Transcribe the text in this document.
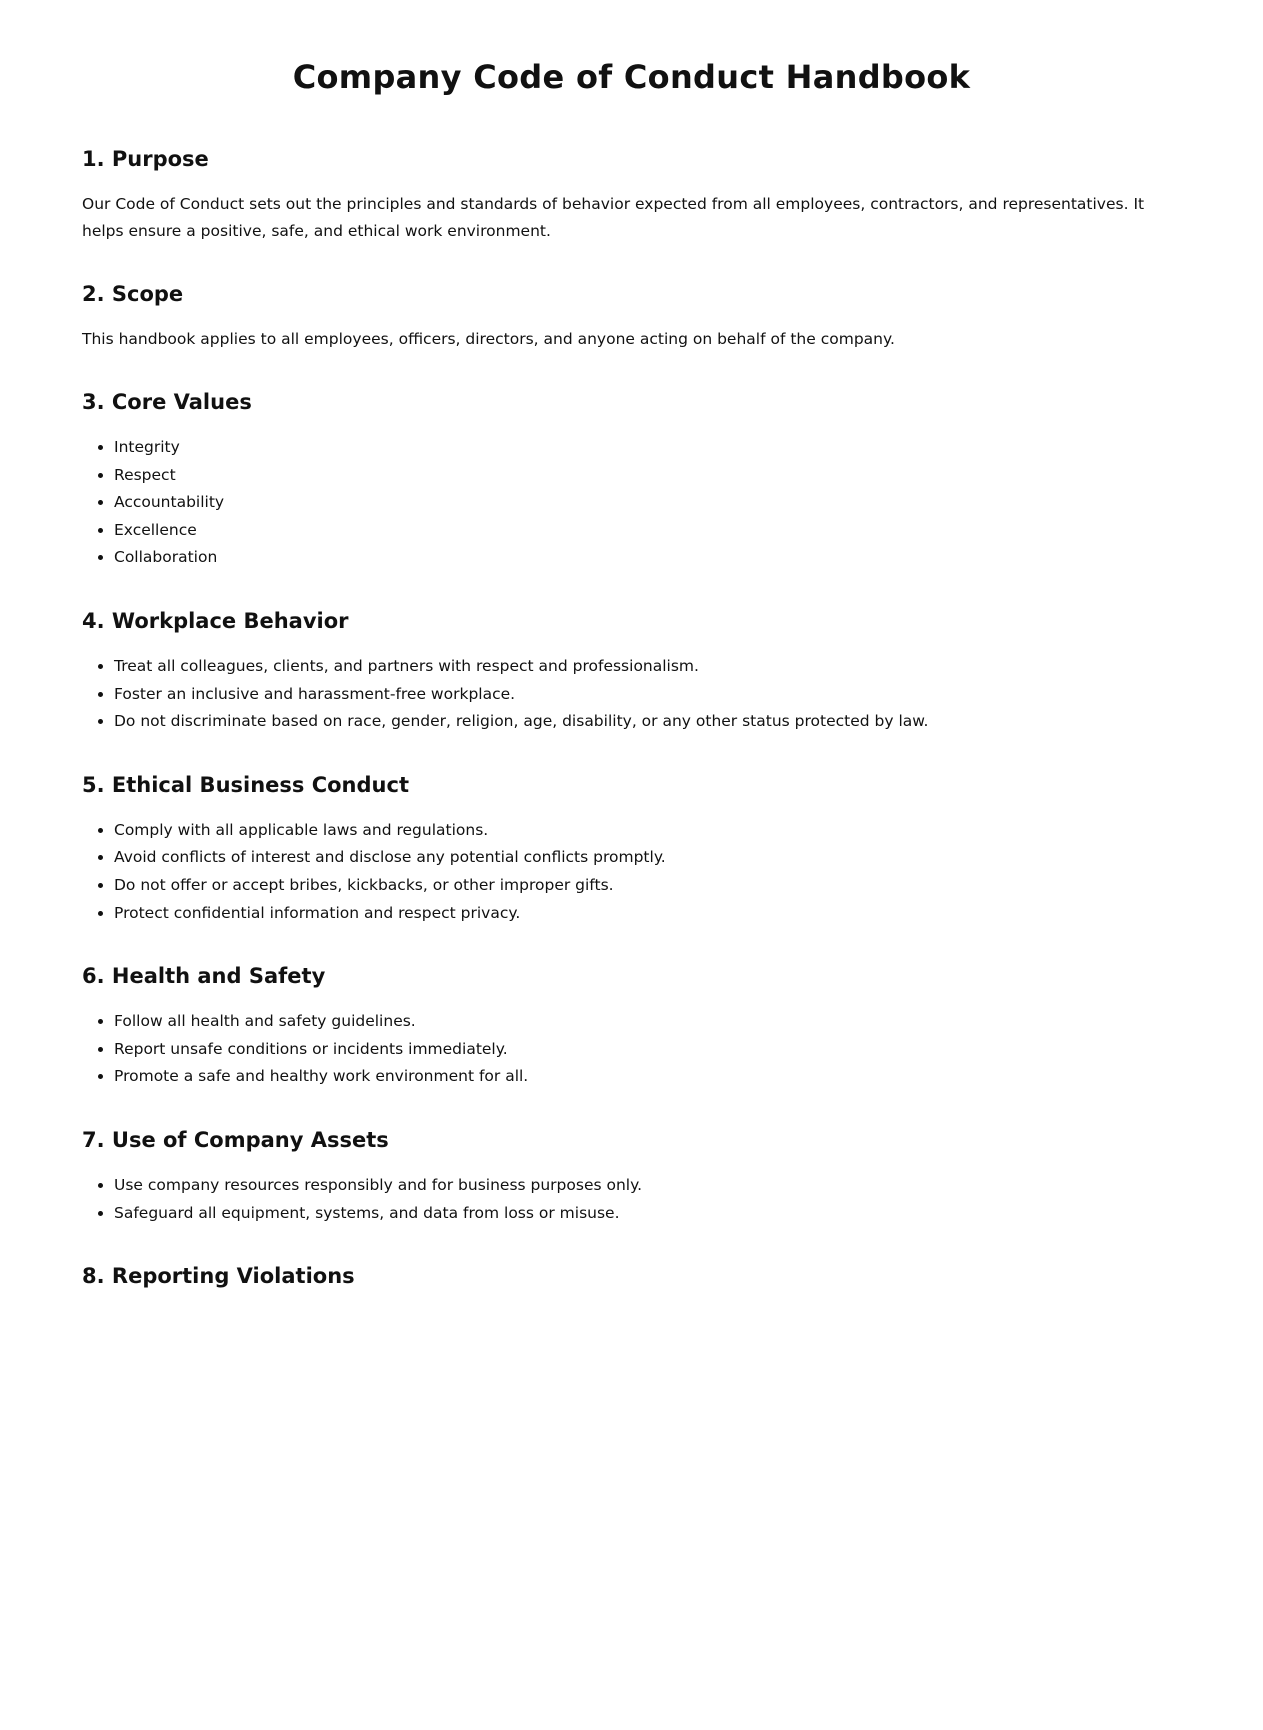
Company Code of Conduct Handbook
1. Purpose

Our Code of Conduct sets out the principles and standards of behavior expected from all employees, contractors, and representatives. It helps ensure a positive, safe, and ethical work environment.

2. Scope

This handbook applies to all employees, officers, directors, and anyone acting on behalf of the company.

3. Core Values
• Integrity
• Respect
• Accountability
• Excellence
• Collaboration
4. Workplace Behavior
• Treat all colleagues, clients, and partners with respect and professionalism.
• Foster an inclusive and harassment-free workplace.
• Do not discriminate based on race, gender, religion, age, disability, or any other status protected by law.
5. Ethical Business Conduct
• Comply with all applicable laws and regulations.
• Avoid conflicts of interest and disclose any potential conflicts promptly.
• Do not offer or accept bribes, kickbacks, or other improper gifts.
• Protect confidential information and respect privacy.
6. Health and Safety
• Follow all health and safety guidelines.
• Report unsafe conditions or incidents immediately.
• Promote a safe and healthy work environment for all.
7. Use of Company Assets
• Use company resources responsibly and for business purposes only.
• Safeguard all equipment, systems, and data from loss or misuse.
8. Reporting Violations
